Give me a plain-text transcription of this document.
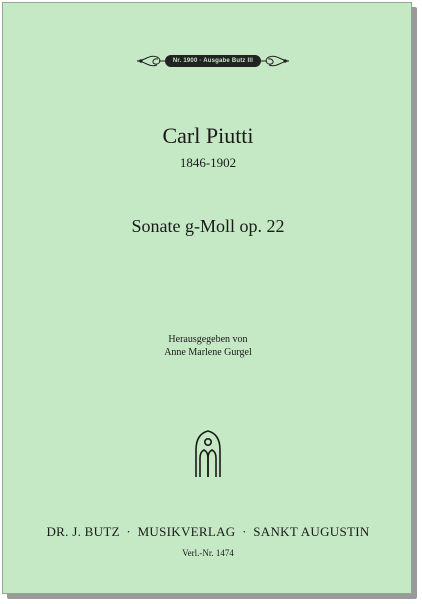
Nr. 1900 · Ausgabe Butz Ill
Carl Piutti
1846-1902
Sonate g-Moll op. 22
Herausgegeben von
Anne Marlene Gurgel
DR. J. BUTZ · MUSIKVERLAG · SANKT AUGUSTIN
Verl.-Nr. 1474
